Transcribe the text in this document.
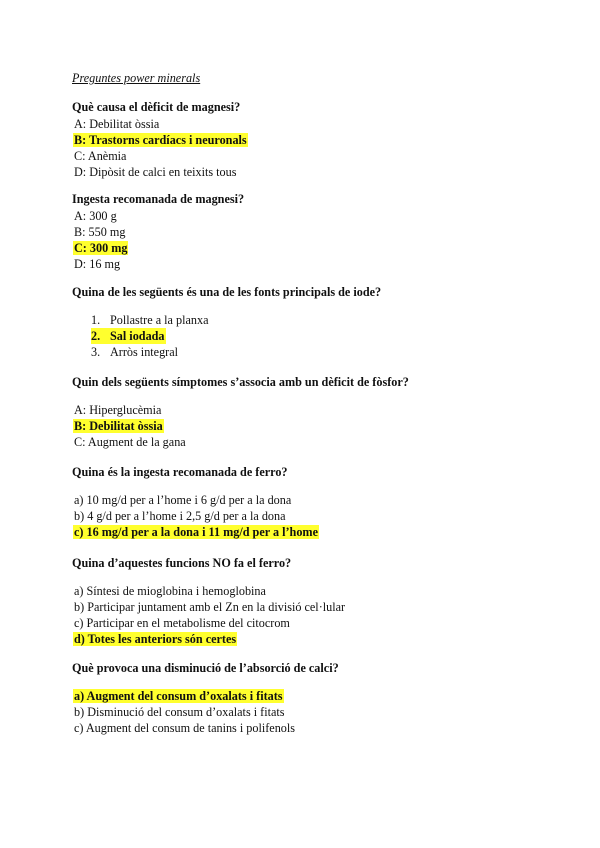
Preguntes power minerals
Què causa el dèficit de magnesi?
A: Debilitat òssia
B: Trastorns cardíacs i neuronals
C: Anèmia
D: Dipòsit de calci en teixits tous
Ingesta recomanada de magnesi?
A: 300 g
B: 550 mg
C: 300 mg
D: 16 mg
Quina de les següents és una de les fonts principals de iode?
1. Pollastre a la planxa
2. Sal iodada
3. Arròs integral
Quin dels següents símptomes s’associa amb un dèficit de fòsfor?
A: Hiperglucèmia
B: Debilitat òssia
C: Augment de la gana
Quina és la ingesta recomanada de ferro?
a) 10 mg/d per a l’home i 6 g/d per a la dona
b) 4 g/d per a l’home i 2,5 g/d per a la dona
c) 16 mg/d per a la dona i 11 mg/d per a l’home
Quina d’aquestes funcions NO fa el ferro?
a) Síntesi de mioglobina i hemoglobina
b) Participar juntament amb el Zn en la divisió cel·lular
c) Participar en el metabolisme del citocrom
d) Totes les anteriors són certes
Què provoca una disminució de l’absorció de calci?
a) Augment del consum d’oxalats i fitats
b) Disminució del consum d’oxalats i fitats
c) Augment del consum de tanins i polifenols
